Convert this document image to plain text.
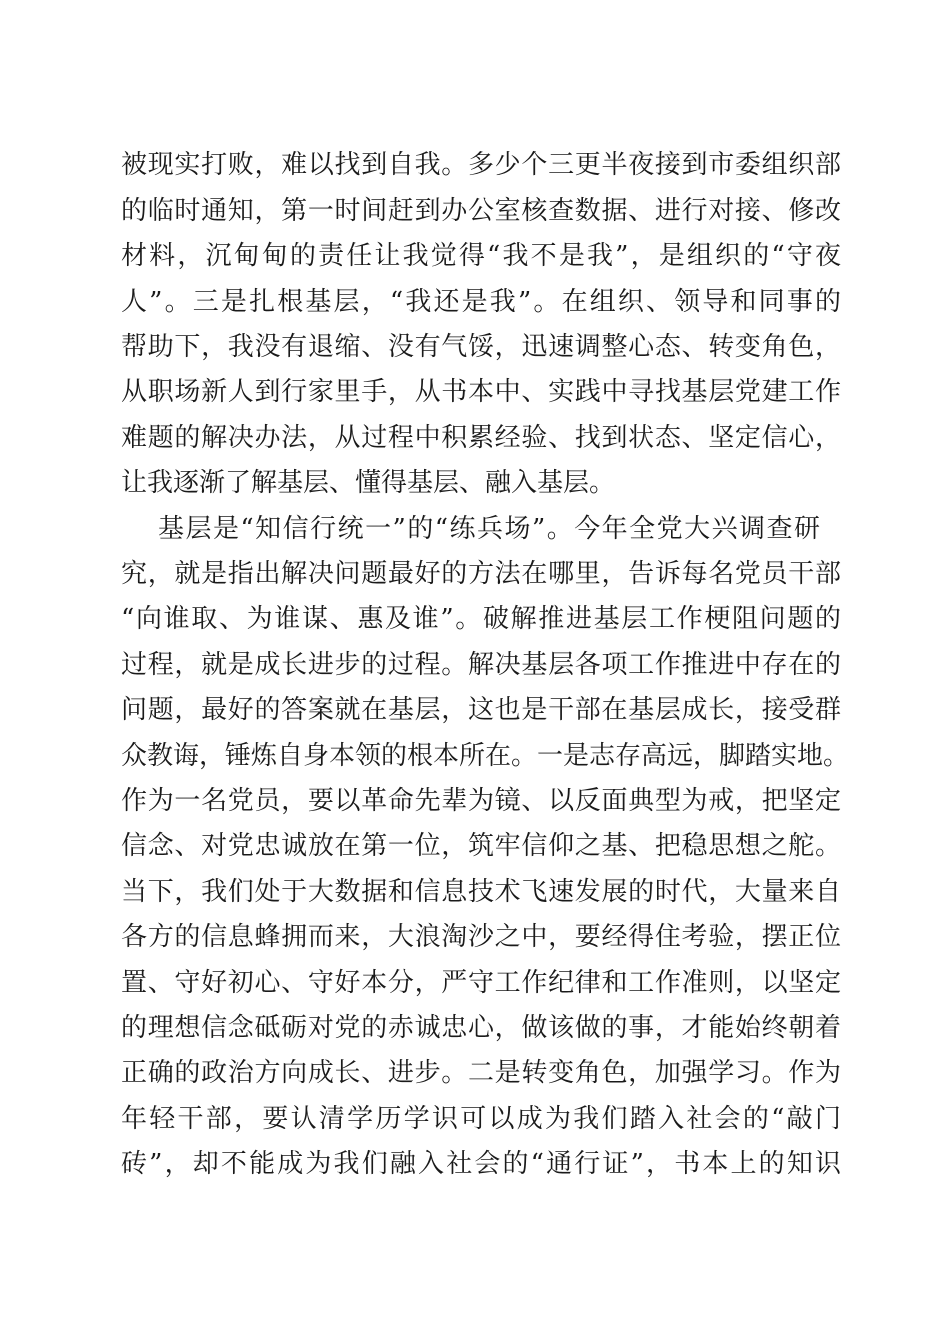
被现实打败，难以找到自我。多少个三更半夜接到市委组织部
的临时通知，第一时间赶到办公室核查数据、进行对接、修改
材料，沉甸甸的责任让我觉得“我不是我”，是组织的“守夜
人”。三是扎根基层，“我还是我”。在组织、领导和同事的
帮助下，我没有退缩、没有气馁，迅速调整心态、转变角色，
从职场新人到行家里手，从书本中、实践中寻找基层党建工作
难题的解决办法，从过程中积累经验、找到状态、坚定信心，
让我逐渐了解基层、懂得基层、融入基层。
基层是“知信行统一”的“练兵场”。今年全党大兴调查研
究，就是指出解决问题最好的方法在哪里，告诉每名党员干部
“向谁取、为谁谋、惠及谁”。破解推进基层工作梗阻问题的
过程，就是成长进步的过程。解决基层各项工作推进中存在的
问题，最好的答案就在基层，这也是干部在基层成长，接受群
众教诲，锤炼自身本领的根本所在。一是志存高远，脚踏实地。
作为一名党员，要以革命先辈为镜、以反面典型为戒，把坚定
信念、对党忠诚放在第一位，筑牢信仰之基、把稳思想之舵。
当下，我们处于大数据和信息技术飞速发展的时代，大量来自
各方的信息蜂拥而来，大浪淘沙之中，要经得住考验，摆正位
置、守好初心、守好本分，严守工作纪律和工作准则，以坚定
的理想信念砥砺对党的赤诚忠心，做该做的事，才能始终朝着
正确的政治方向成长、进步。二是转变角色，加强学习。作为
年轻干部，要认清学历学识可以成为我们踏入社会的“敲门
砖”，却不能成为我们融入社会的“通行证”，书本上的知识
